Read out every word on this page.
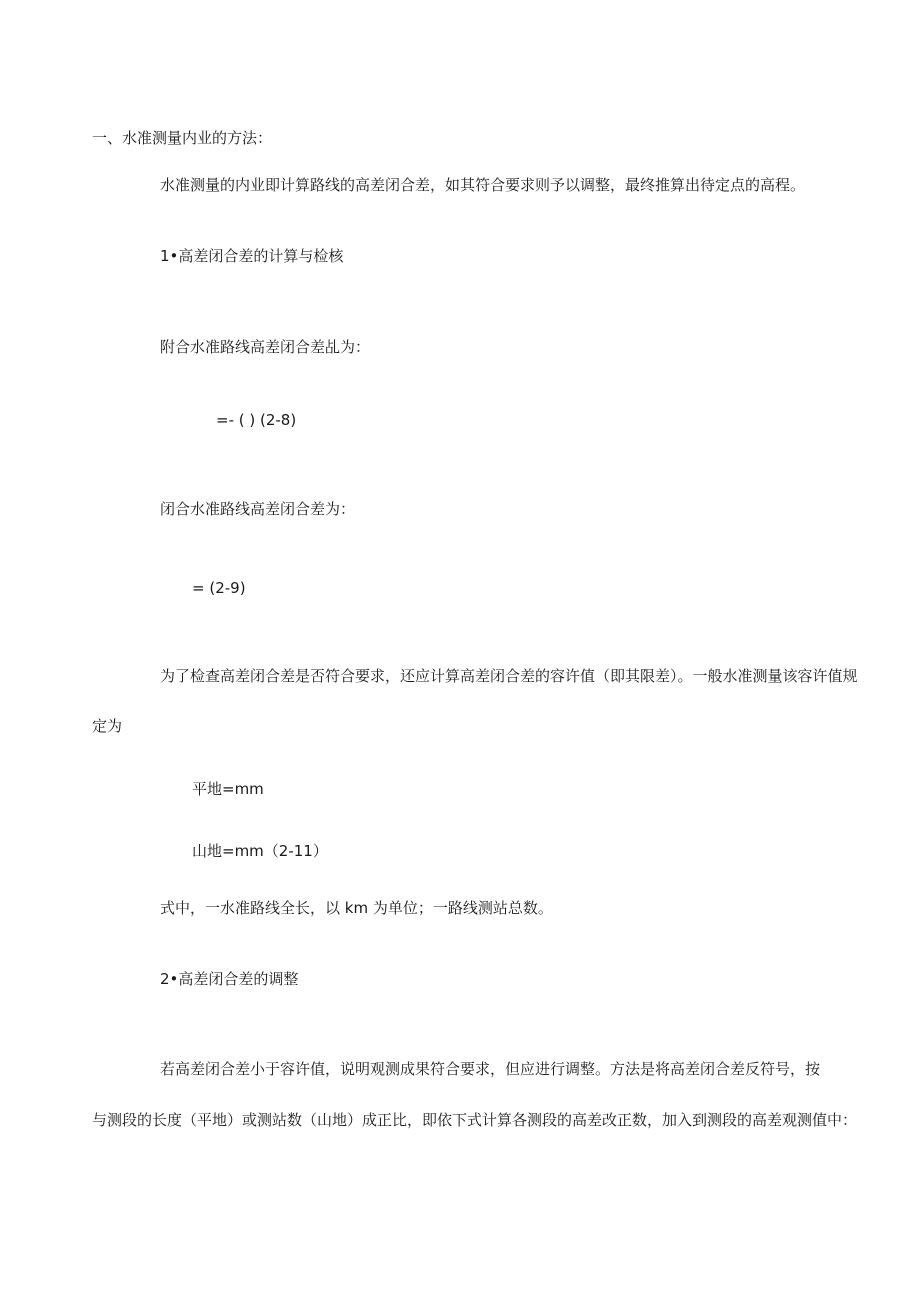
一、水准测量内业的方法：

水准测量的内业即计算路线的高差闭合差，如其符合要求则予以调整，最终推算出待定点的高程。

1•高差闭合差的计算与检核

附合水准路线高差闭合差乩为：

=- ( ) (2-8)

闭合水准路线高差闭合差为：

= (2-9)

为了检查高差闭合差是否符合要求，还应计算高差闭合差的容许值（即其限差）。一般水准测量该容许值规

定为

平地=mm

山地=mm（2-11）

式中，一水准路线全长，以 km 为单位；一路线测站总数。

2•高差闭合差的调整

若高差闭合差小于容许值，说明观测成果符合要求，但应进行调整。方法是将高差闭合差反符号，按

与测段的长度（平地）或测站数（山地）成正比，即依下式计算各测段的高差改正数，加入到测段的高差观测值中：
